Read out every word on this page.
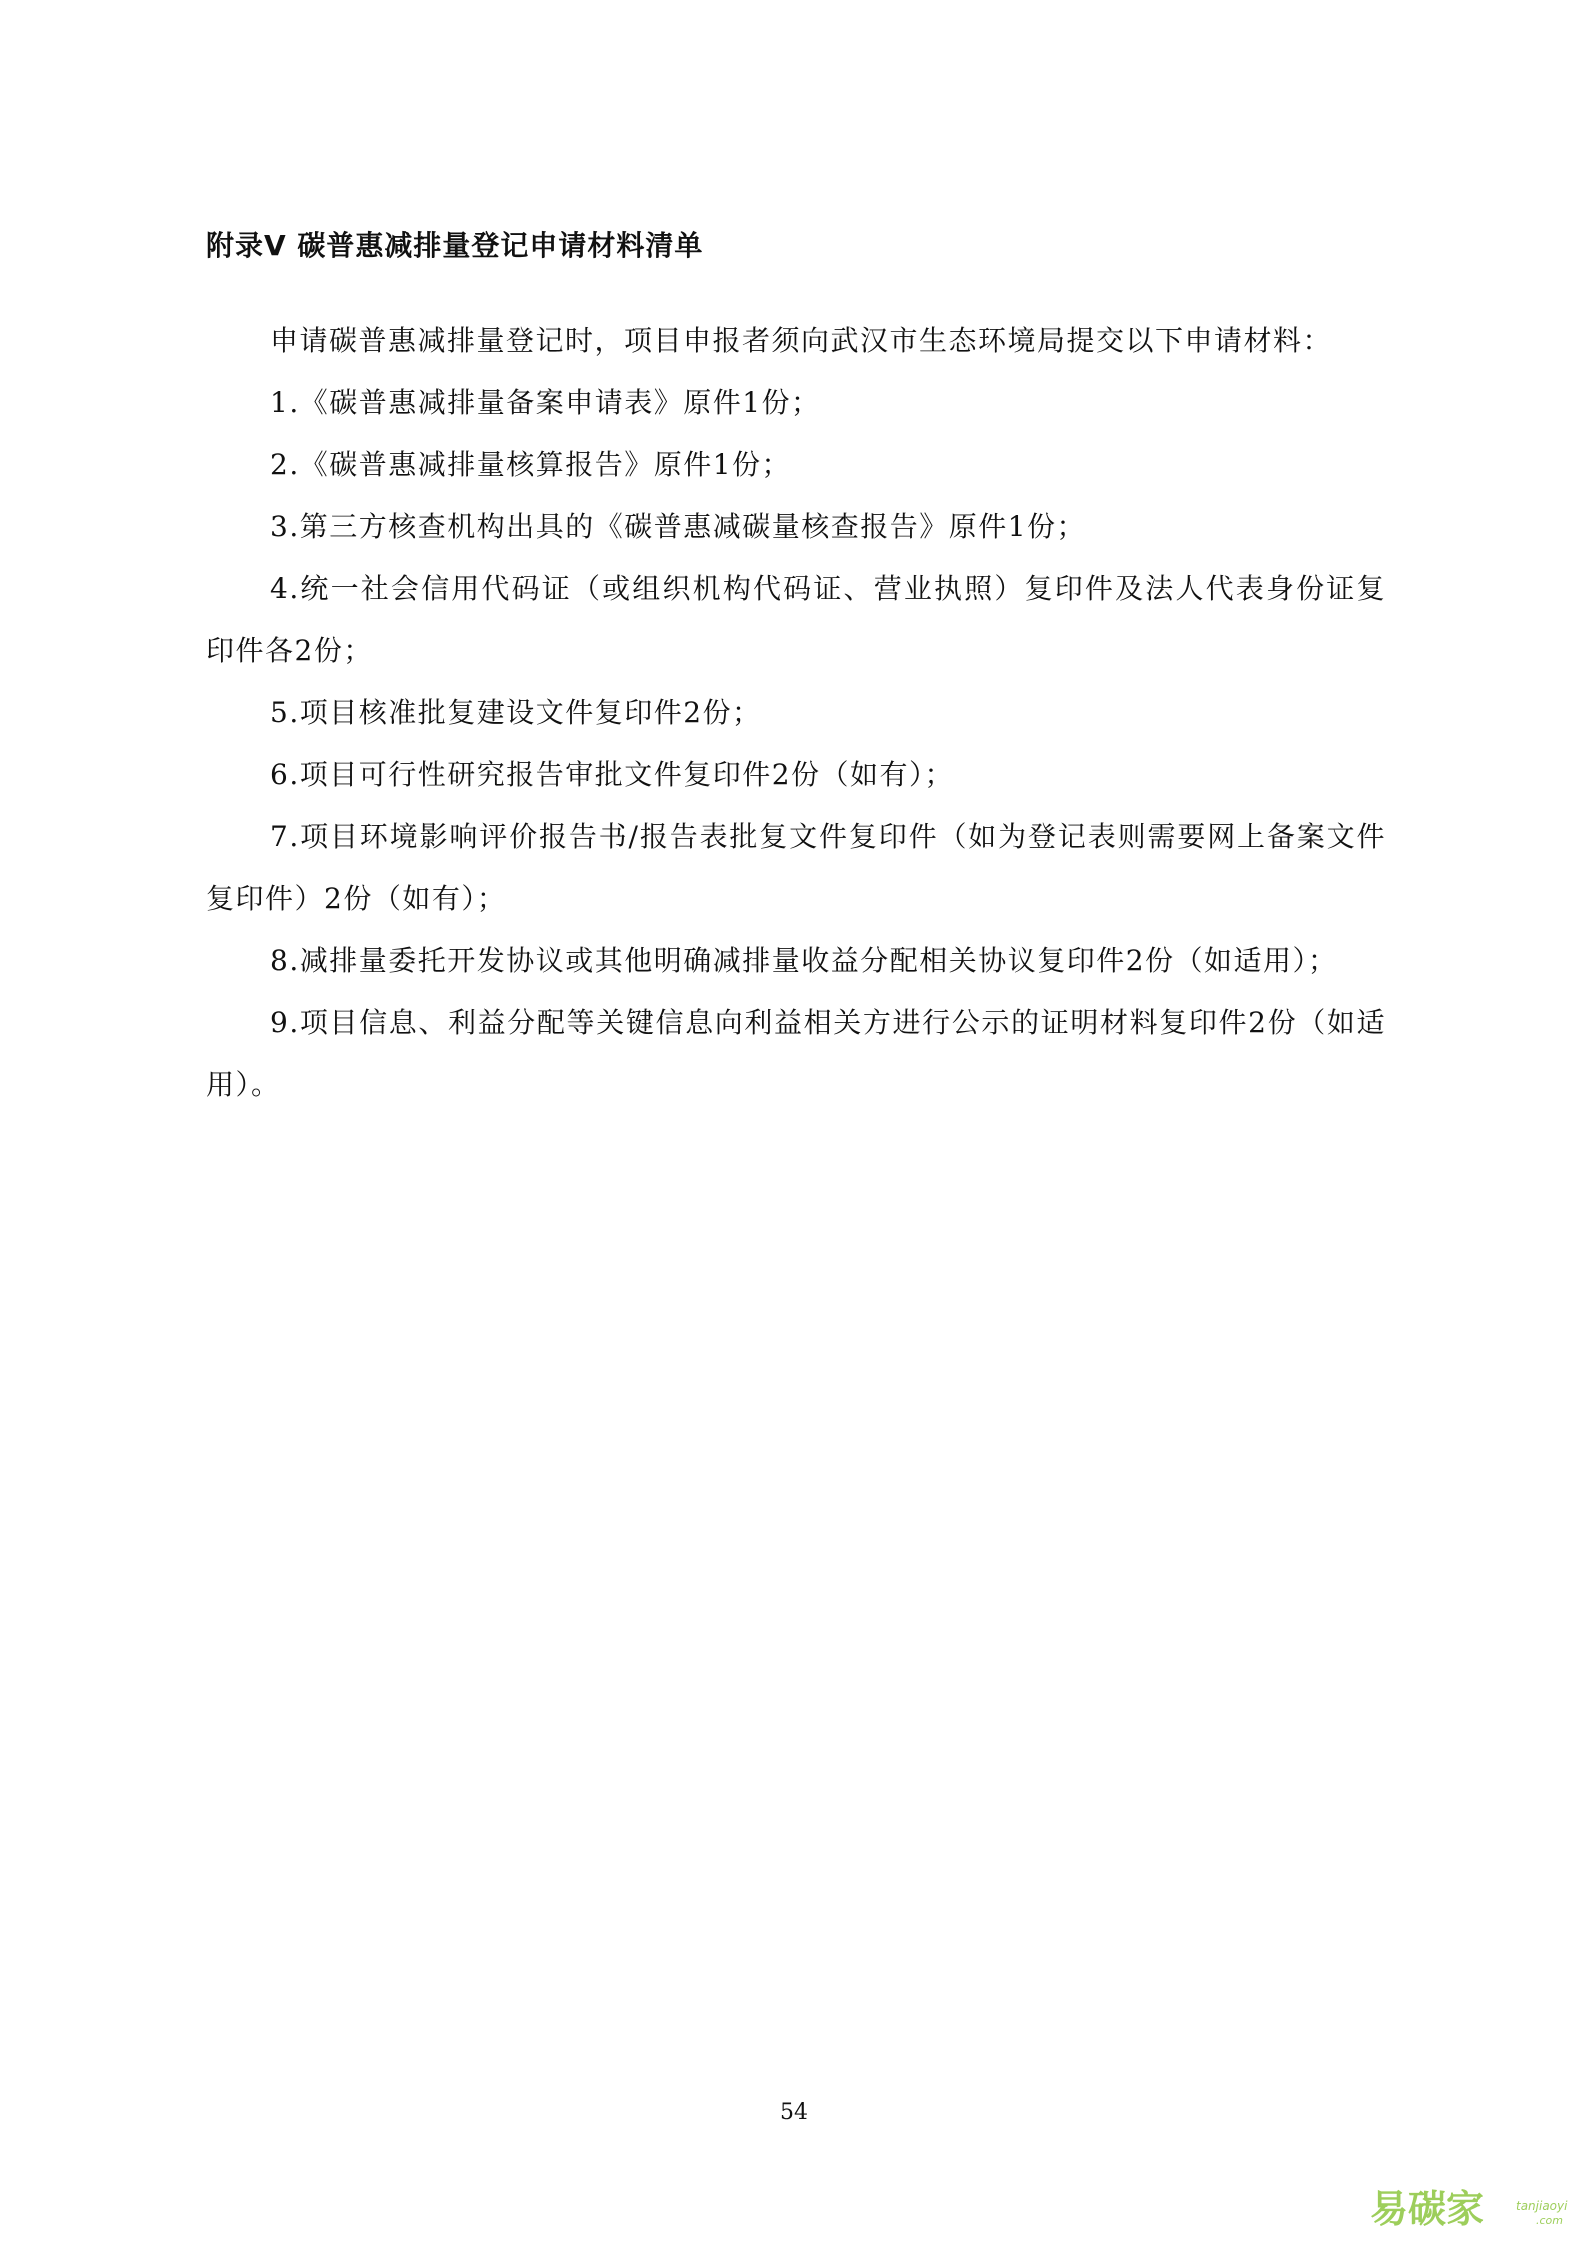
附录Ⅴ 碳普惠减排量登记申请材料清单

申请碳普惠减排量登记时，项目申报者须向武汉市生态环境局提交以下申请材料：

1.《碳普惠减排量备案申请表》原件1份；

2.《碳普惠减排量核算报告》原件1份；

3.第三方核查机构出具的《碳普惠减碳量核查报告》原件1份；

4.统一社会信用代码证（或组织机构代码证、营业执照）复印件及法人代表身份证复印件各2份；

5.项目核准批复建设文件复印件2份；

6.项目可行性研究报告审批文件复印件2份（如有）；

7.项目环境影响评价报告书/报告表批复文件复印件（如为登记表则需要网上备案文件复印件）2份（如有）；

8.减排量委托开发协议或其他明确减排量收益分配相关协议复印件2份（如适用）；

9.项目信息、利益分配等关键信息向利益相关方进行公示的证明材料复印件2份（如适用）。

54
易碳家	tanjiaoyi
.com
